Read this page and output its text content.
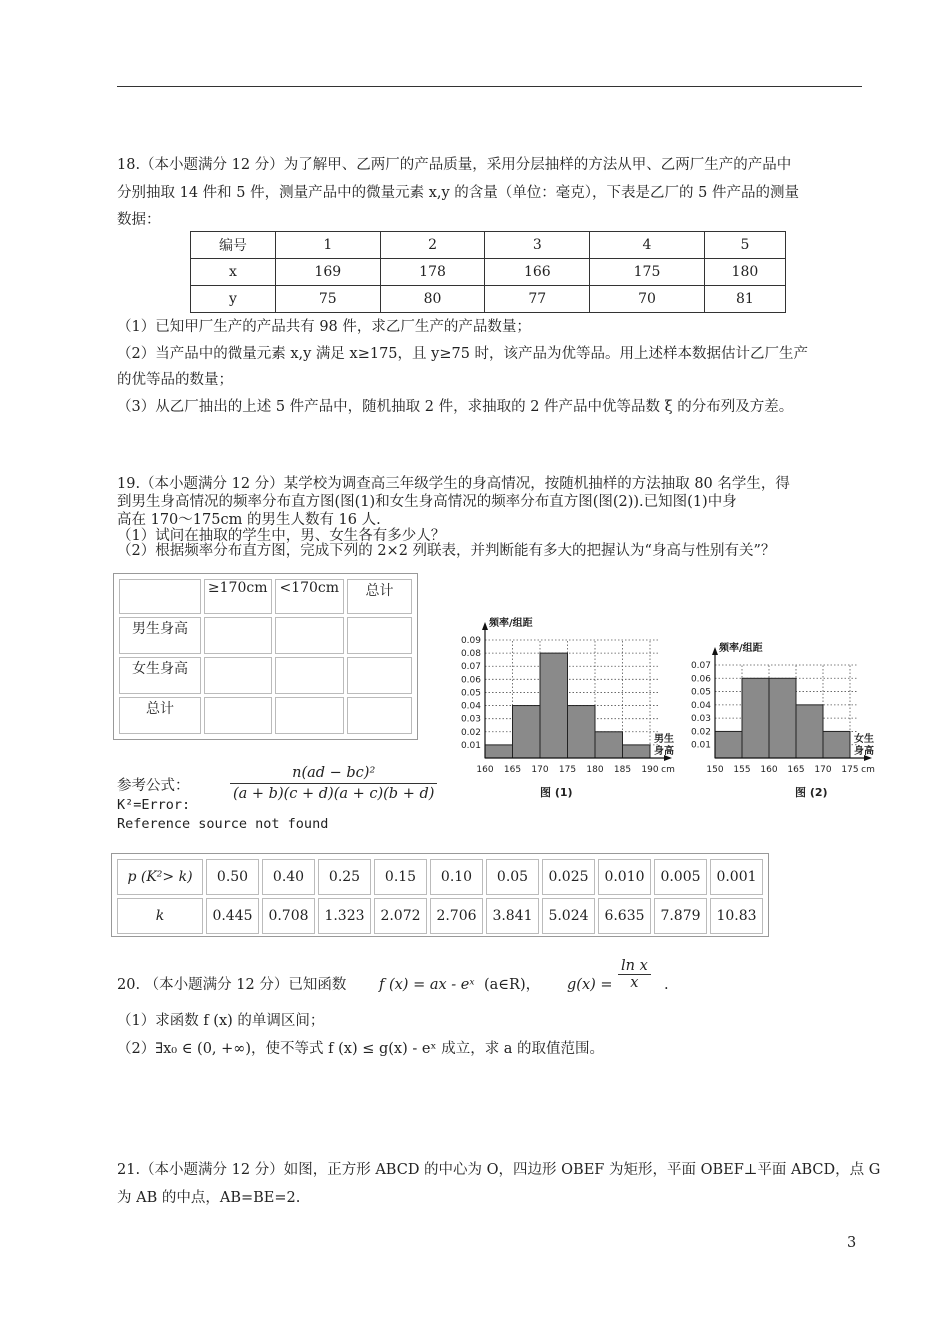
18.（本小题满分 12 分）为了解甲、乙两厂的产品质量，采用分层抽样的方法从甲、乙两厂生产的产品中
分别抽取 14 件和 5 件，测量产品中的微量元素 x,y 的含量（单位：毫克），下表是乙厂的 5 件产品的测量
数据：
编号	1	2	3	4	5
x	169	178	166	175	180
y	75	80	77	70	81
（1）已知甲厂生产的产品共有 98 件，求乙厂生产的产品数量；
（2）当产品中的微量元素 x,y 满足 x≥175，且 y≥75 时，该产品为优等品。用上述样本数据估计乙厂生产
的优等品的数量；
（3）从乙厂抽出的上述 5 件产品中，随机抽取 2 件，求抽取的 2 件产品中优等品数 ξ 的分布列及方差。
19.（本小题满分 12 分）某学校为调查高三年级学生的身高情况，按随机抽样的方法抽取 80 名学生，得
到男生身高情况的频率分布直方图(图(1)和女生身高情况的频率分布直方图(图(2)).已知图(1)中身
高在 170～175cm 的男生人数有 16 人.
（1）试问在抽取的学生中，男、女生各有多少人？
（2）根据频率分布直方图，完成下列的 2×2 列联表，并判断能有多大的把握认为“身高与性别有关”？
	≥170cm	<170cm	总计
男生身高			
女生身高			
总计			
0.01
0.02
0.03
0.04
0.05
0.06
0.07
0.08
0.09
160 165 170 175 180 185 190 cm
频率/组距
男生
身高
图 (1)
0.01
0.02
0.03
0.04
0.05
0.06
0.07
150 155 160 165 170 175 cm
频率/组距
女生
身高
图 (2)
参考公式：	$\frac{\text{n(ad − bc)²}}{(a + b)(c + d)(a + c)(b + d)}$
K²=Error:
Reference source not found
p (K²> k)	0.50	0.40	0.25	0.15	0.10	0.05	0.025	0.010	0.005	0.001
k	0.445	0.708	1.323	2.072	2.706	3.841	5.024	6.635	7.879	10.83
20. （本小题满分 12 分）已知函数 f (x) = ax - eˣ (a∈R)， $g(x) = \frac{\text{ln x}}{x}$ .
（1）求函数 f (x) 的单调区间；
（2）∃x₀ ∈ (0, +∞)，使不等式 f (x) ≤ g(x) - eˣ 成立，求 a 的取值范围。
21.（本小题满分 12 分）如图，正方形 ABCD 的中心为 O，四边形 OBEF 为矩形，平面 OBEF⊥平面 ABCD，点 G
为 AB 的中点，AB=BE=2.
3
